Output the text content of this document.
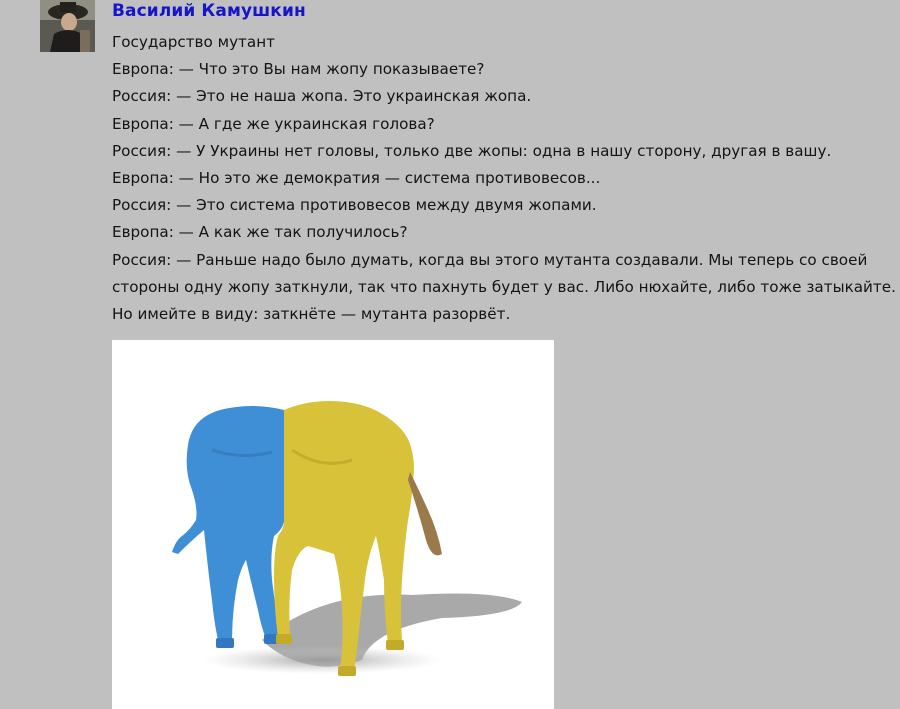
Василий Камушкин
Государство мутант
Европа: — Что это Вы нам жопу показываете?
Россия: — Это не наша жопа. Это украинская жопа.
Европа: — А где же украинская голова?
Россия: — У Украины нет головы, только две жопы: одна в нашу сторону, другая в вашу.
Европа: — Но это же демократия — система противовесов...
Россия: — Это система противовесов между двумя жопами.
Европа: — А как же так получилось?
Россия: — Раньше надо было думать, когда вы этого мутанта создавали. Мы теперь со своей
стороны одну жопу заткнули, так что пахнуть будет у вас. Либо нюхайте, либо тоже затыкайте.
Но имейте в виду: заткнёте — мутанта разорвёт.
